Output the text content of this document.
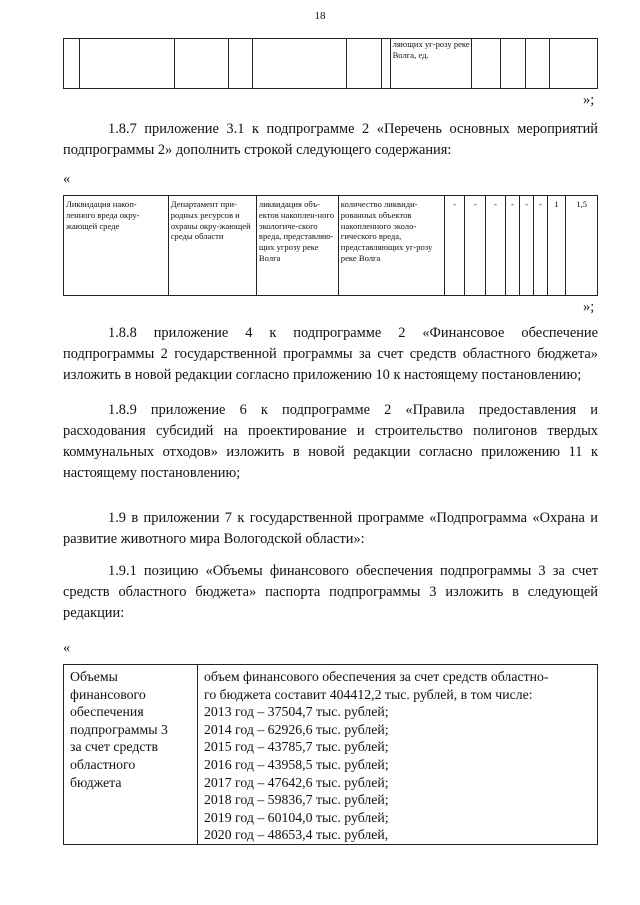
18
							ляющих уг-розу реке Волга, ед.				
»;
1.8.7 приложение 3.1 к подпрограмме 2 «Перечень основных мероприятий подпрограммы 2» дополнить строкой следующего содержания:
«
Ликвидация накоп-ленного вреда окру-жающей среде	Департамент при-родных ресурсов и охраны окру-жающей среды области	ликвидация объ-ектов накоплен-ного экологиче-ского вреда, представляю-щих угрозу реке Волга	количество ликвиди-рованных объектов накопленного эколо-гического вреда, представляющих уг-розу реке Волга	-	-	-	-	-	-	1	1,5
»;
1.8.8 приложение 4 к подпрограмме 2 «Финансовое обеспечение подпрограммы 2 государственной программы за счет средств областного бюджета» изложить в новой редакции согласно приложению 10 к настоящему постановлению;
1.8.9 приложение 6 к подпрограмме 2 «Правила предоставления и расходования субсидий на проектирование и строительство полигонов твердых коммунальных отходов» изложить в новой редакции согласно приложению 11 к настоящему постановлению;
1.9 в приложении 7 к государственной программе «Подпрограмма «Охрана и развитие животного мира Вологодской области»:
1.9.1 позицию «Объемы финансового обеспечения подпрограммы 3 за счет средств областного бюджета» паспорта подпрограммы 3 изложить в следующей редакции:
«
Объемы
финансового
обеспечения
подпрограммы 3
за счет средств
областного
бюджета

объем финансового обеспечения за счет средств областно-
го бюджета составит 404412,2 тыс. рублей, в том числе:
2013 год – 37504,7 тыс. рублей;
2014 год – 62926,6 тыс. рублей;
2015 год – 43785,7 тыс. рублей;
2016 год – 43958,5 тыс. рублей;
2017 год – 47642,6 тыс. рублей;
2018 год – 59836,7 тыс. рублей;
2019 год – 60104,0 тыс. рублей;
2020 год – 48653,4 тыс. рублей,
